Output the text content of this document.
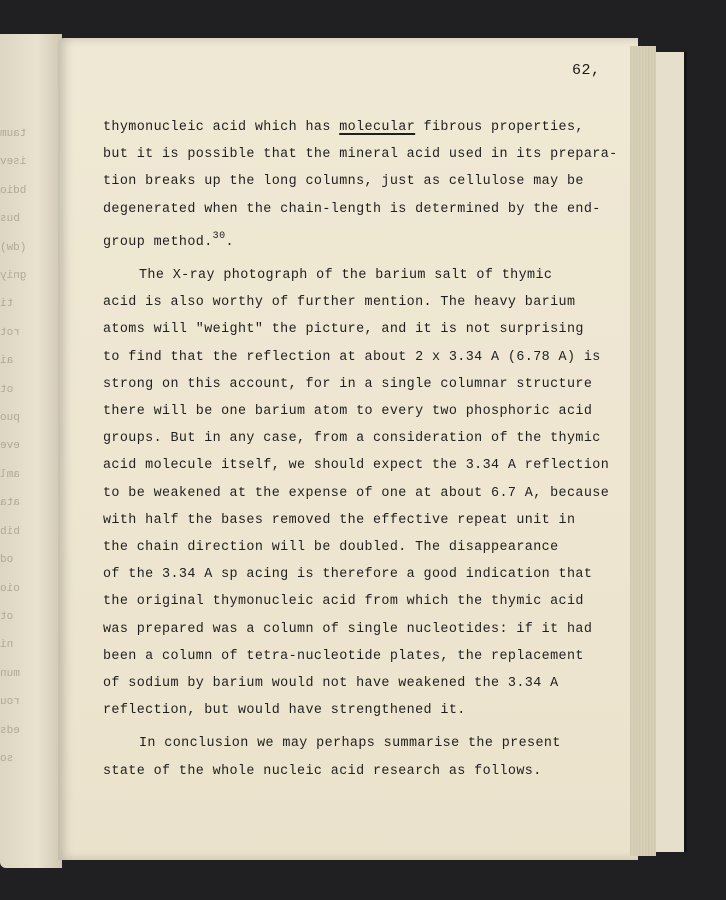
taum
isev
bdio
bus
(dw)
gniy
ti
rot
ai
ot
puo
eve
aml
ata
bib
od
oio
ot
ni
mun
rou
eds
so
62,
thymonucleic acid which has molecular fibrous properties,
but it is possible that the mineral acid used in its prepara-
tion breaks up the long columns, just as cellulose may be
degenerated when the chain-length is determined by the end-
group method.$^{30}$.
The X-ray photograph of the barium salt of thymic
acid is also worthy of further mention. The heavy barium
atoms will "weight" the picture, and it is not surprising
to find that the reflection at about 2 x 3.34 A (6.78 A) is
strong on this account, for in a single columnar structure
there will be one barium atom to every two phosphoric acid
groups. But in any case, from a consideration of the thymic
acid molecule itself, we should expect the 3.34 A reflection
to be weakened at the expense of one at about 6.7 A, because
with half the bases removed the effective repeat unit in
the chain direction will be doubled. The disappearance
of the 3.34 A sp acing is therefore a good indication that
the original thymonucleic acid from which the thymic acid
was prepared was a column of single nucleotides: if it had
been a column of tetra-nucleotide plates, the replacement
of sodium by barium would not have weakened the 3.34 A
reflection, but would have strengthened it.
In conclusion we may perhaps summarise the present
state of the whole nucleic acid research as follows.
